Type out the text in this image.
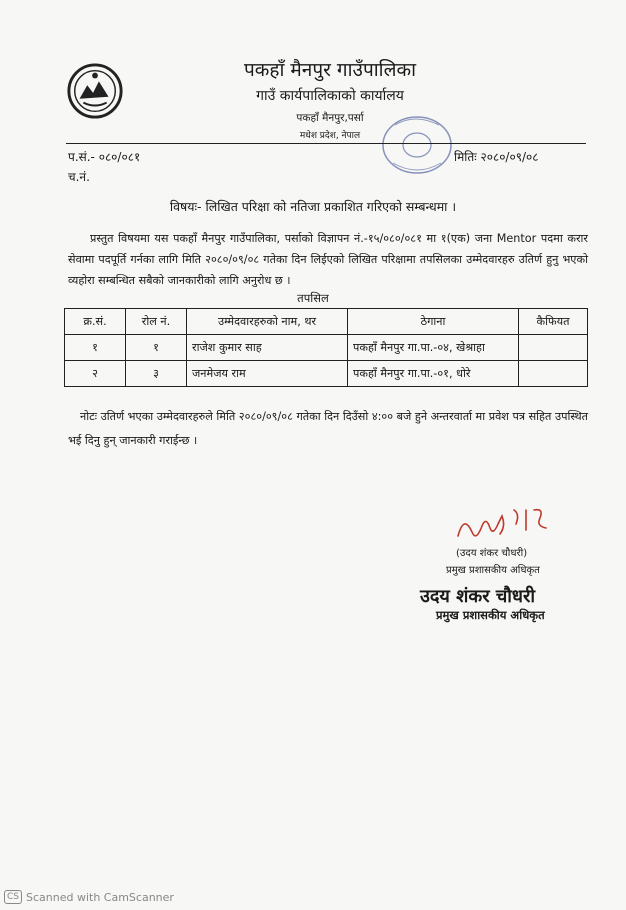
पकहाँ मैनपुर गाउँपालिका
गाउँ कार्यपालिकाको कार्यालय
पकहाँ मैनपुर,पर्सा
मधेश प्रदेश, नेपाल
प.सं.- ०८०/०८१
च.नं.
मितिः २०८०/०९/०८
विषयः- लिखित परिक्षा को नतिजा प्रकाशित गरिएको सम्बन्धमा ।
प्रस्तुत विषयमा यस पकहाँ मैनपुर गाउँपालिका, पर्साको विज्ञापन नं.-१५/०८०/०८१ मा १(एक) जना Mentor पदमा करार सेवामा पदपूर्ति गर्नका लागि मिति २०८०/०९/०८ गतेका दिन लिईएको लिखित परिक्षामा तपसिलका उम्मेदवारहरु उतिर्ण हुनु भएको व्यहोरा सम्बन्धित सबैको जानकारीको लागि अनुरोध छ ।
तपसिल
क्र.सं.	रोल नं.	उम्मेदवारहरुको नाम, थर	ठेगाना	कैफियत
१	१	राजेश कुमार साह	पकहाँ मैनपुर गा.पा.-०४, खेश्राहा	
२	३	जनमेजय राम	पकहाँ मैनपुर गा.पा.-०१, धोरे	
नोटः उतिर्ण भएका उम्मेदवारहरुले मिति २०८०/०९/०८ गतेका दिन दिउँसो ४:०० बजे हुने अन्तरवार्ता मा प्रवेश पत्र सहित उपस्थित भई दिनु हुन् जानकारी गराईन्छ ।
(उदय शंकर चौधरी)
प्रमुख प्रशासकीय अधिकृत
उदय शंकर चौधरी
प्रमुख प्रशासकीय अधिकृत
CS Scanned with CamScanner
